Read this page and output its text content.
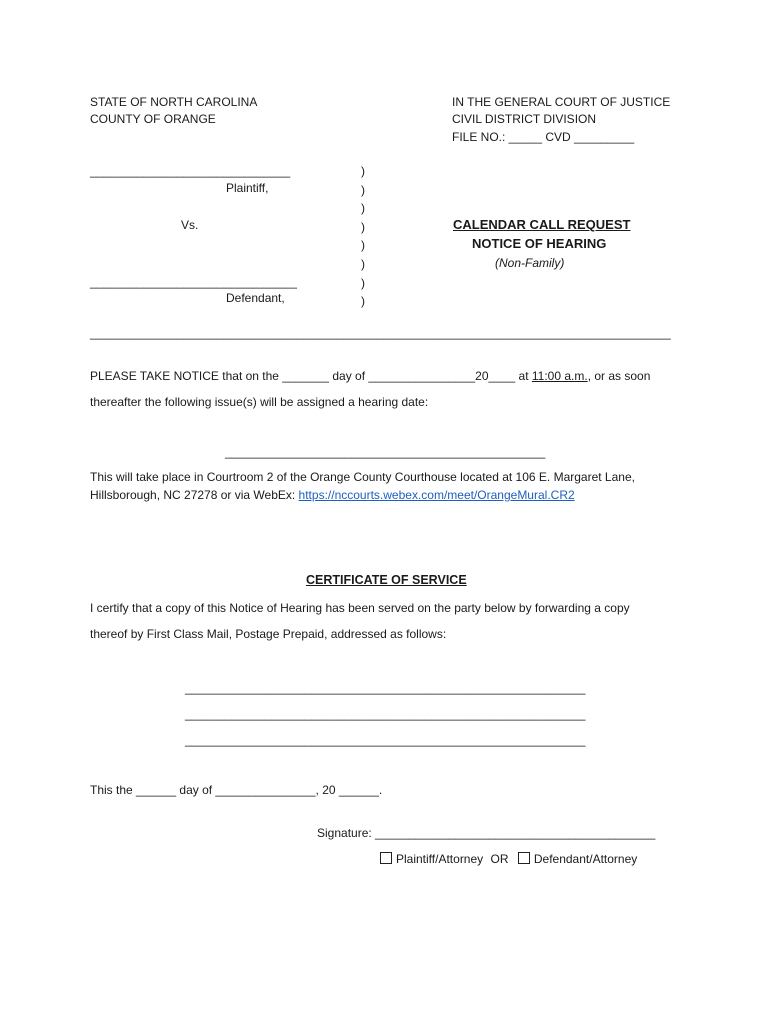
STATE OF NORTH CAROLINA
COUNTY OF ORANGE
IN THE GENERAL COURT OF JUSTICE
CIVIL DISTRICT DIVISION
FILE NO.: _____ CVD _________
______________________________
Plaintiff,
Vs.
_______________________________
Defendant,
)
)
)
)
)
)
)
)
CALENDAR CALL REQUEST
NOTICE OF HEARING
(Non-Family)
_______________________________________________________________________________________
PLEASE TAKE NOTICE that on the _______ day of ________________20____ at 11:00 a.m., or as soon
thereafter the following issue(s) will be assigned a hearing date:
________________________________________________
This will take place in Courtroom 2 of the Orange County Courthouse located at 106 E. Margaret Lane,
Hillsborough, NC 27278 or via WebEx: https://nccourts.webex.com/meet/OrangeMural.CR2
CERTIFICATE OF SERVICE
I certify that a copy of this Notice of Hearing has been served on the party below by forwarding a copy
thereof by First Class Mail, Postage Prepaid, addressed as follows:
____________________________________________________________
____________________________________________________________
____________________________________________________________
This the ______ day of _______________, 20 ______.
Signature: __________________________________________
Plaintiff/Attorney OR Defendant/Attorney
